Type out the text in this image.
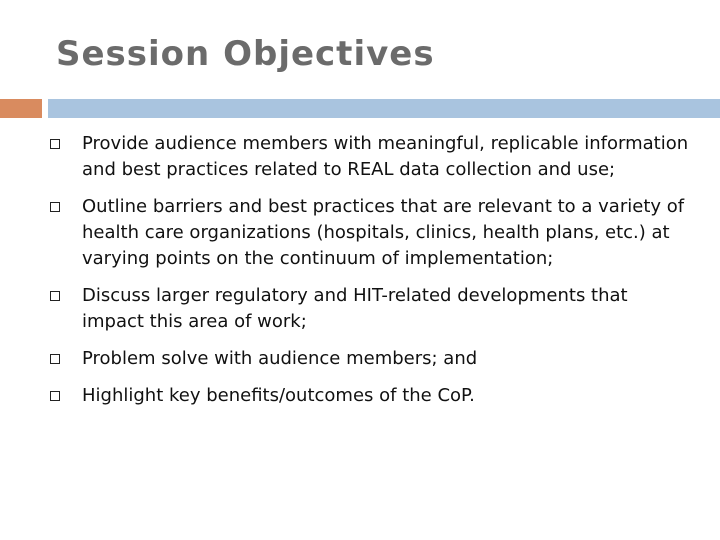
Session Objectives
Provide audience members with meaningful, replicable information and best practices related to REAL data collection and use;
Outline barriers and best practices that are relevant to a variety of health care organizations (hospitals, clinics, health plans, etc.) at varying points on the continuum of implementation;
Discuss larger regulatory and HIT-related developments that impact this area of work;
Problem solve with audience members; and
Highlight key benefits/outcomes of the CoP.
